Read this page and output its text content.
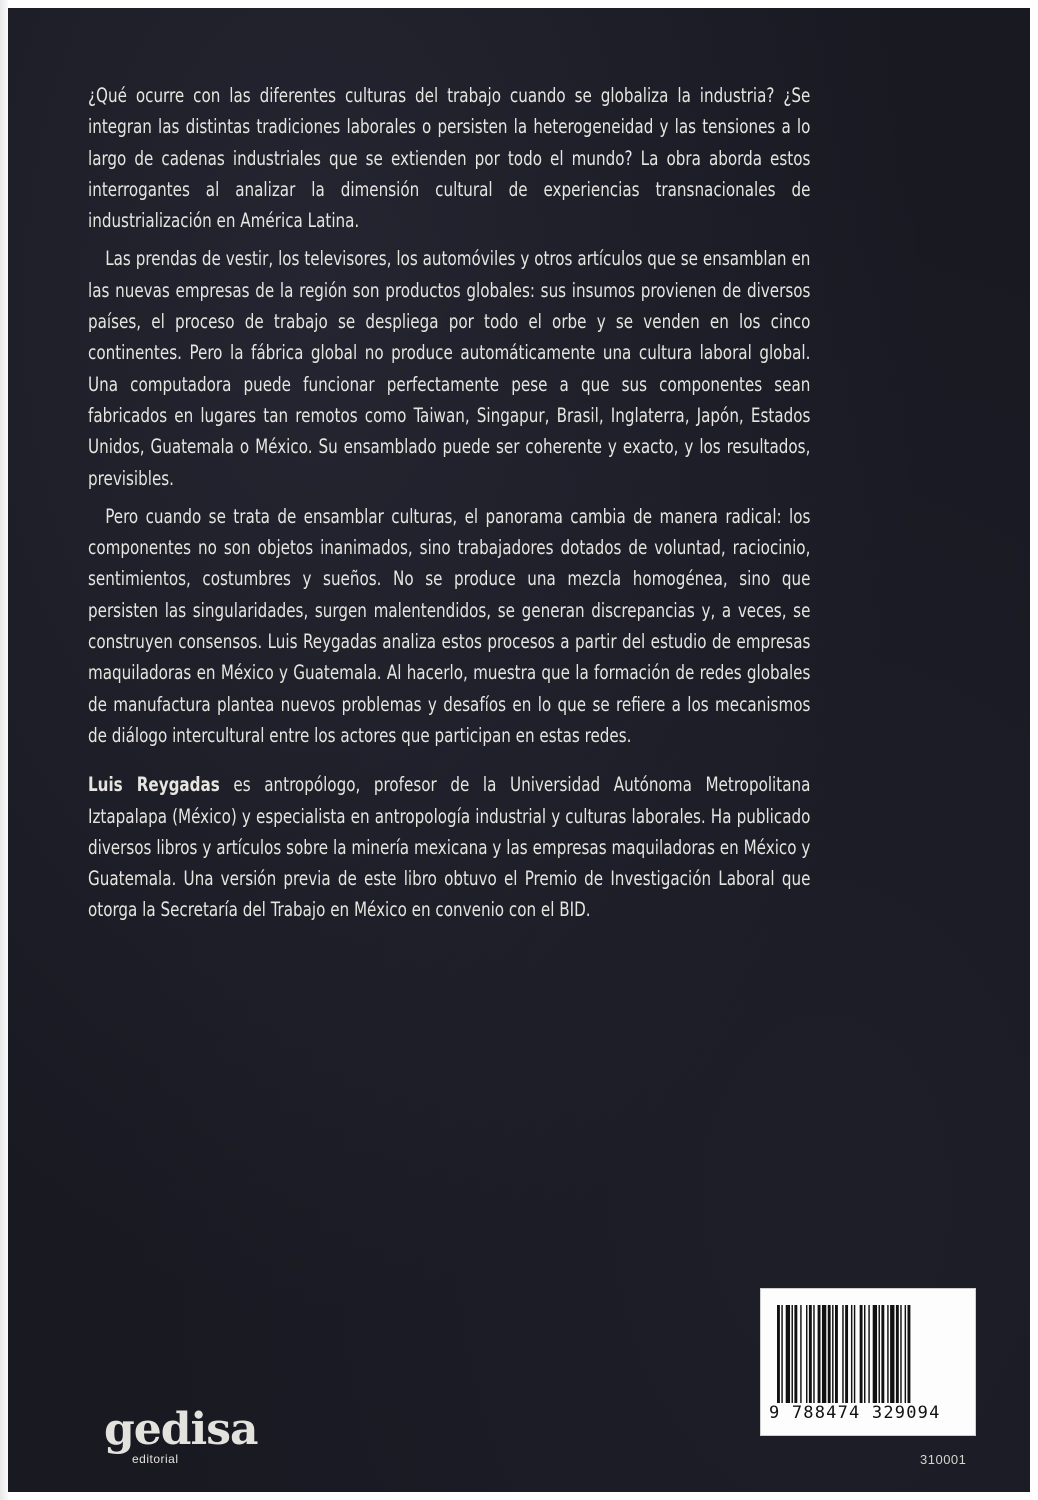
¿Qué ocurre con las diferentes culturas del trabajo cuando se globaliza la industria? ¿Se integran las distintas tradiciones laborales o persisten la heterogeneidad y las tensiones a lo largo de cadenas industriales que se extienden por todo el mundo? La obra aborda estos interrogantes al analizar la dimensión cultural de experiencias transnacionales de industrialización en América Latina.

Las prendas de vestir, los televisores, los automóviles y otros artículos que se ensamblan en las nuevas empresas de la región son productos globales: sus insumos provienen de diversos países, el proceso de trabajo se despliega por todo el orbe y se venden en los cinco continentes. Pero la fábrica global no produce automáticamente una cultura laboral global. Una computadora puede funcionar perfectamente pese a que sus componentes sean fabricados en lugares tan remotos como Taiwan, Singapur, Brasil, Inglaterra, Japón, Estados Unidos, Guatemala o México. Su ensamblado puede ser coherente y exacto, y los resultados, previsibles.

Pero cuando se trata de ensamblar culturas, el panorama cambia de manera radical: los componentes no son objetos inanimados, sino trabajadores dotados de voluntad, raciocinio, sentimientos, costumbres y sueños. No se produce una mezcla homogénea, sino que persisten las singularidades, surgen malentendidos, se generan discrepancias y, a veces, se construyen consensos. Luis Reygadas analiza estos procesos a partir del estudio de empresas maquiladoras en México y Guatemala. Al hacerlo, muestra que la formación de redes globales de manufactura plantea nuevos problemas y desafíos en lo que se refiere a los mecanismos de diálogo intercultural entre los actores que participan en estas redes.

Luis Reygadas es antropólogo, profesor de la Universidad Autónoma Metropolitana Iztapalapa (México) y especialista en antropología industrial y culturas laborales. Ha publicado diversos libros y artículos sobre la minería mexicana y las empresas maquiladoras en México y Guatemala. Una versión previa de este libro obtuvo el Premio de Investigación Laboral que otorga la Secretaría del Trabajo en México en convenio con el BID.

gedisa
editorial
9 788474 329094
310001
